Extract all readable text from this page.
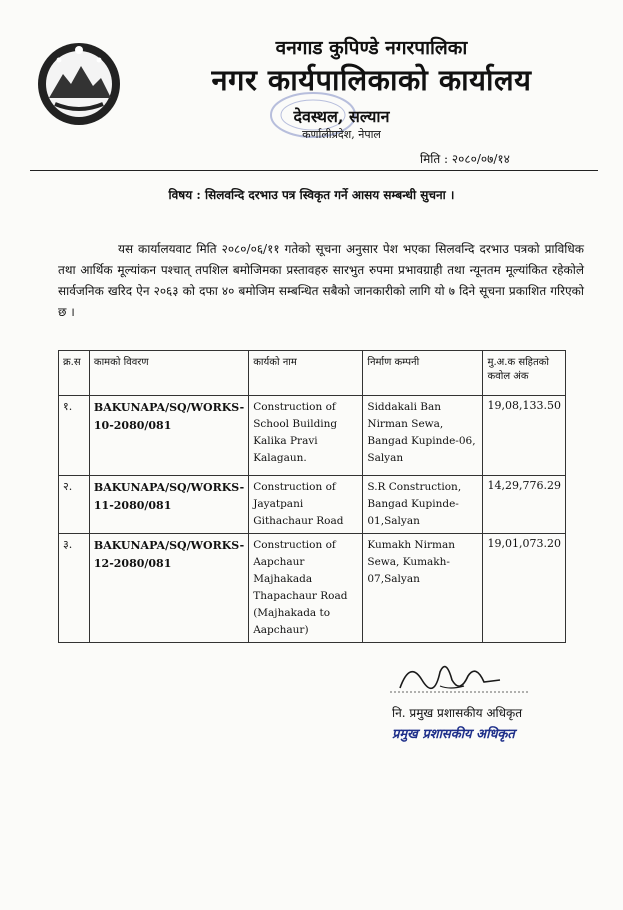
वनगाड कुपिण्डे नगरपालिका
नगर कार्यपालिकाको कार्यालय
देवस्थल, सल्यान
कर्णालीप्रदेश, नेपाल
मिति : २०८०/०७/१४
विषय : सिलवन्दि दरभाउ पत्र स्विकृत गर्ने आसय सम्बन्धी सुचना ।

यस कार्यालयवाट मिति २०८०/०६/११ गतेको सूचना अनुसार पेश भएका सिलवन्दि दरभाउ पत्रको प्राविधिक तथा आर्थिक मूल्यांकन पश्चात् तपशिल बमोजिमका प्रस्तावहरु सारभुत रुपमा प्रभावग्राही तथा न्यूनतम मूल्यांकित रहेकोले सार्वजनिक खरिद ऐन २०६३ को दफा ४० बमोजिम सम्बन्धित सबैको जानकारीको लागि यो ७ दिने सूचना प्रकाशित गरिएको छ ।

क्र.स	कामको विवरण	कार्यको नाम	निर्माण कम्पनी	मु.अ.क सहितको कवोल अंक
१.	BAKUNAPA/SQ/WORKS-10-2080/081	Construction of School Building Kalika Pravi Kalagaun.	Siddakali Ban Nirman Sewa, Bangad Kupinde-06, Salyan	19,08,133.50
२.	BAKUNAPA/SQ/WORKS-11-2080/081	Construction of Jayatpani Githachaur Road	S.R Construction, Bangad Kupinde-01,Salyan	14,29,776.29
३.	BAKUNAPA/SQ/WORKS-12-2080/081	Construction of Aapchaur Majhakada Thapachaur Road (Majhakada to Aapchaur)	Kumakh Nirman Sewa, Kumakh-07,Salyan	19,01,073.20
नि. प्रमुख प्रशासकीय अधिकृत
प्रमुख प्रशासकीय अधिकृत
